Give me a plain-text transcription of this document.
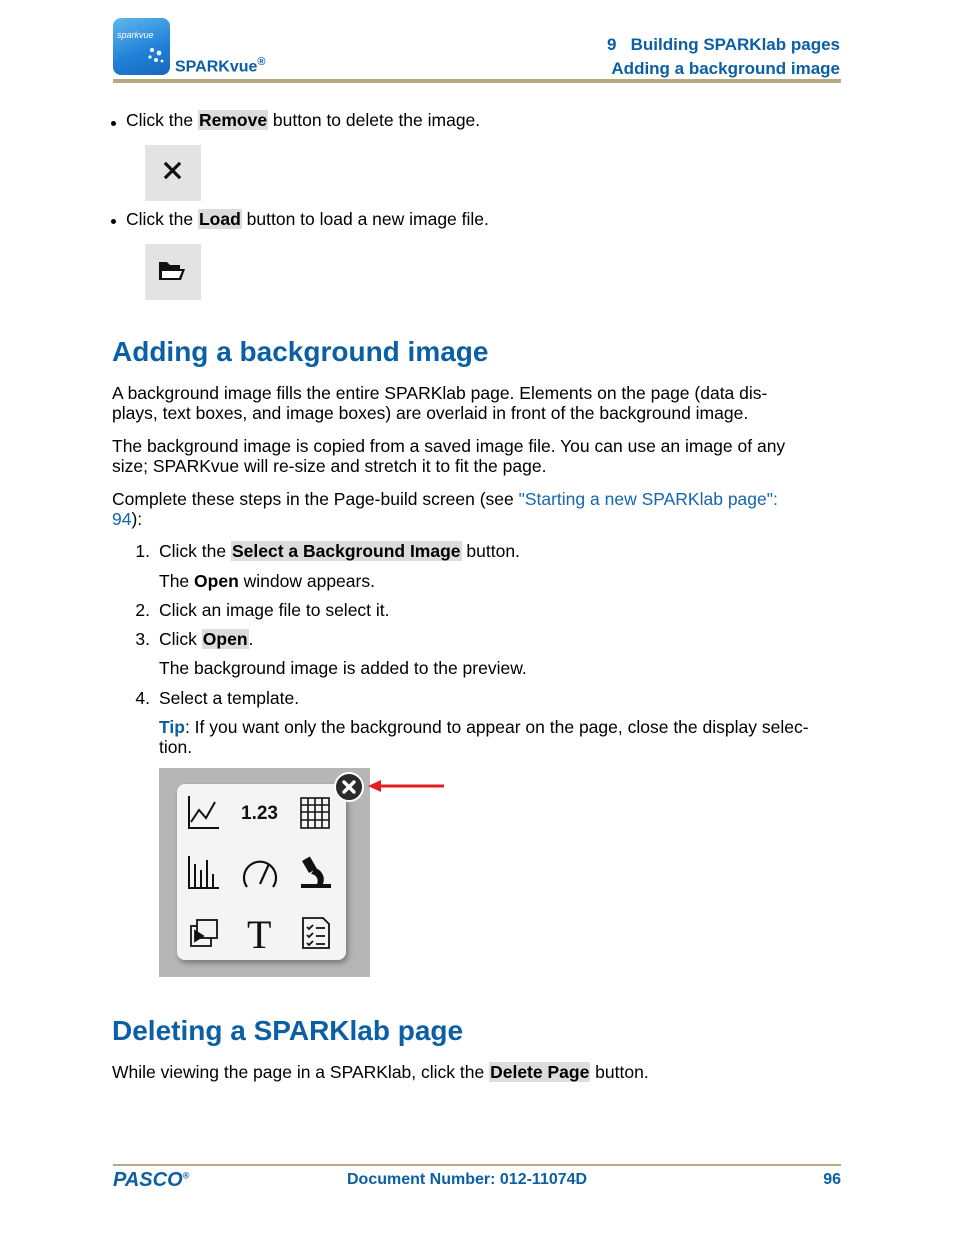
sparkvue
SPARKvue®
9   Building SPARKlab pages
Adding a background image
Click the Remove button to delete the image.
Click the Load button to load a new image file.
Adding a background image
A background image fills the entire SPARKlab page. Elements on the page (data dis-
plays, text boxes, and image boxes) are overlaid in front of the background image.
The background image is copied from a saved image file. You can use an image of any
size; SPARKvue will re-size and stretch it to fit the page.
Complete these steps in the Page-build screen (see "Starting a new SPARKlab page":
94):
1. Click the Select a Background Image button.
The Open window appears.
2. Click an image file to select it.
3. Click Open.
The background image is added to the preview.
4. Select a template.
Tip: If you want only the background to appear on the page, close the display selec-
tion.
1.23
T
Deleting a SPARKlab page
While viewing the page in a SPARKlab, click the Delete Page button.
PASCO®	Document Number: 012-11074D	96
